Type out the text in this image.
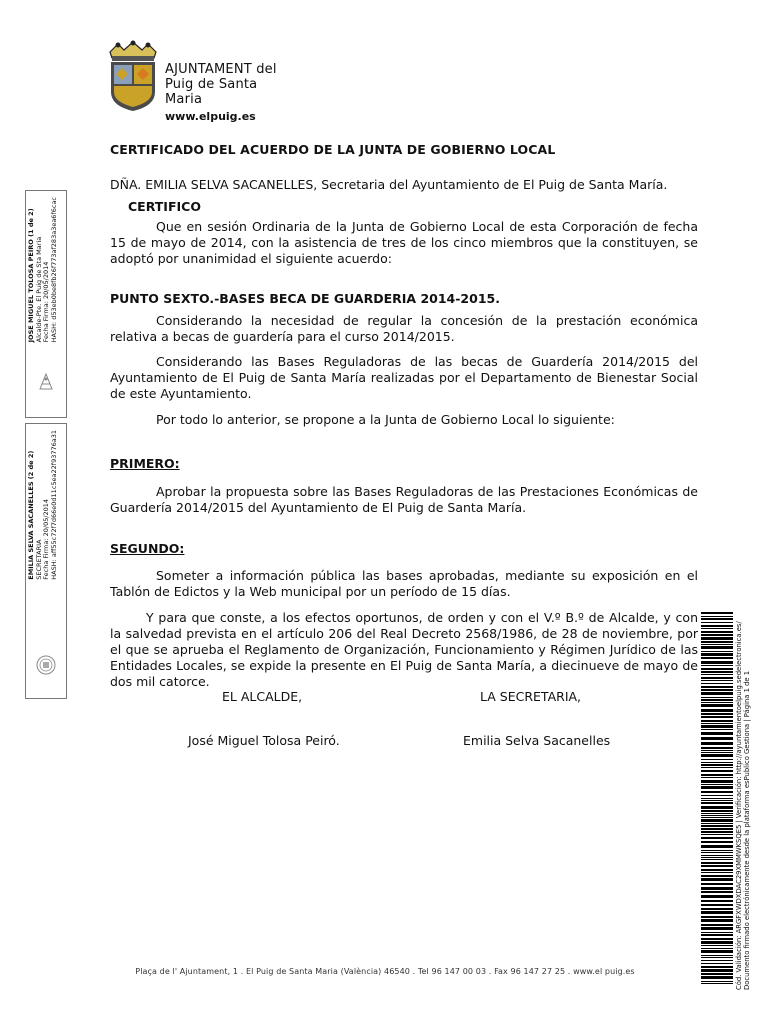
AJUNTAMENT del
Puig de Santa Maria
www.elpuig.es
JOSE MIGUEL TOLOSA PEIRO (1 de 2) Alcalde-Pte. El Puig de Sta Maria Fecha Firma: 20/05/2014 HASH: d53eb0be8fb26f773af283a3ea6f6cac
EMILIA SELVA SACANELLES (2 de 2) SECRETARIA Fecha Firma: 20/05/2014 HASH: aff55c72f7d66e0d11c5ea22f93776a31
CERTIFICADO DEL ACUERDO DE LA JUNTA DE GOBIERNO LOCAL

DÑA. EMILIA SELVA SACANELLES, Secretaria del Ayuntamiento de El Puig de Santa María.

CERTIFICO

Que en sesión Ordinaria de la Junta de Gobierno Local de esta Corporación de fecha 15 de mayo de 2014, con la asistencia de tres de los cinco miembros que la constituyen, se adoptó por unanimidad el siguiente acuerdo:

PUNTO SEXTO.-BASES BECA DE GUARDERIA 2014-2015.

Considerando la necesidad de regular la concesión de la prestación económica relativa a becas de guardería para el curso 2014/2015.

Considerando las Bases Reguladoras de las becas de Guardería 2014/2015 del Ayuntamiento de El Puig de Santa María realizadas por el Departamento de Bienestar Social de este Ayuntamiento.

Por todo lo anterior, se propone a la Junta de Gobierno Local lo siguiente:

PRIMERO:

Aprobar la propuesta sobre las Bases Reguladoras de las Prestaciones Económicas de Guardería 2014/2015 del Ayuntamiento de El Puig de Santa María.

SEGUNDO:

Someter a información pública las bases aprobadas, mediante su exposición en el Tablón de Edictos y la Web municipal por un período de 15 días.

Y para que conste, a los efectos oportunos, de orden y con el V.º B.º de Alcalde, y con la salvedad prevista en el artículo 206 del Real Decreto 2568/1986, de 28 de noviembre, por el que se aprueba el Reglamento de Organización, Funcionamiento y Régimen Jurídico de las Entidades Locales, se expide la presente en El Puig de Santa María, a diecinueve de mayo de dos mil catorce.

EL ALCALDE,	LA SECRETARIA,
José Miguel Tolosa Peiró.	Emilia Selva Sacanelles	Cód. Validación: ARGFXWDXDAC29XMMWKSQE5 | Verificación: http://ayuntamientoelpuig.sedelectronica.es/ Documento firmado electrónicamente desde la plataforma esPublico Gestiona | Página 1 de 1
Plaça de l' Ajuntament, 1 . El Puig de Santa Maria (València) 46540 . Tel 96 147 00 03 . Fax 96 147 27 25 . www.el puig.es
